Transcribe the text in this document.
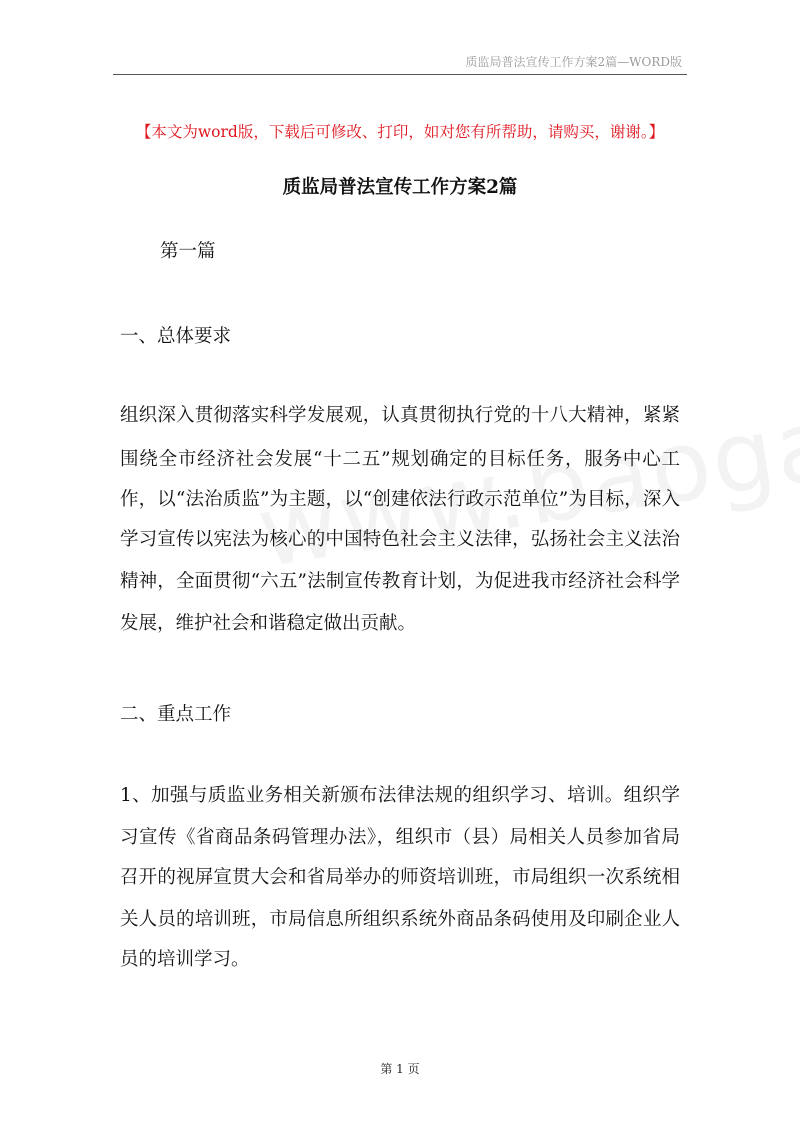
质监局普法宣传工作方案2篇—WORD版
【本文为word版，下载后可修改、打印，如对您有所帮助，请购买，谢谢。】
质监局普法宣传工作方案2篇
第一篇
一、总体要求
组织深入贯彻落实科学发展观，认真贯彻执行党的十八大精神，紧紧
围绕全市经济社会发展“十二五”规划确定的目标任务，服务中心工
作，以“法治质监”为主题，以“创建依法行政示范单位”为目标，深入
学习宣传以宪法为核心的中国特色社会主义法律，弘扬社会主义法治
精神，全面贯彻“六五”法制宣传教育计划，为促进我市经济社会科学
发展，维护社会和谐稳定做出贡献。
二、重点工作
1、加强与质监业务相关新颁布法律法规的组织学习、培训。组织学
习宣传《省商品条码管理办法》，组织市（县）局相关人员参加省局
召开的视屏宣贯大会和省局举办的师资培训班，市局组织一次系统相
关人员的培训班，市局信息所组织系统外商品条码使用及印刷企业人
员的培训学习。
第 1 页
